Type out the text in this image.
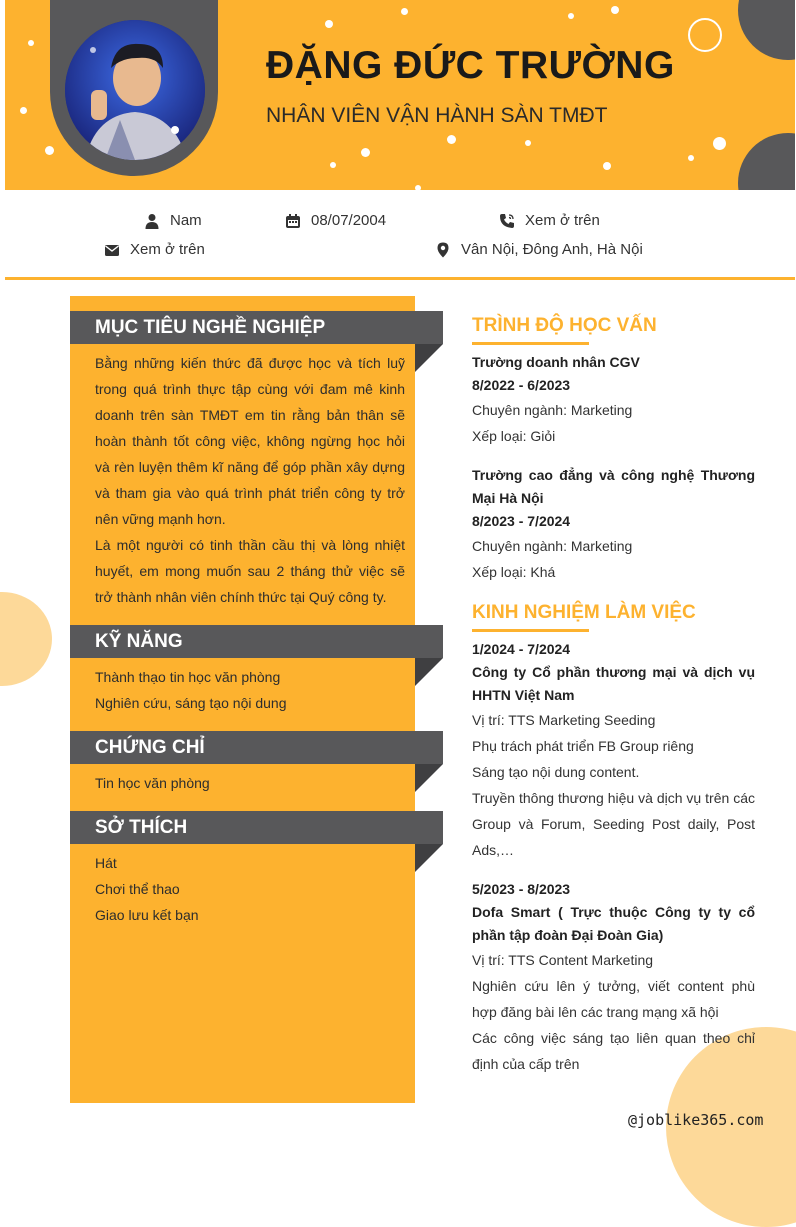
ĐẶNG ĐỨC TRƯỜNG
NHÂN VIÊN VẬN HÀNH SÀN TMĐT
Nam	08/07/2004	Xem ở trên
Xem ở trên	Vân Nội, Đông Anh, Hà Nội
MỤC TIÊU NGHỀ NGHIỆP
Bằng những kiến thức đã được học và tích luỹ trong quá trình thực tập cùng với đam mê kinh doanh trên sàn TMĐT em tin rằng bản thân sẽ hoàn thành tốt công việc, không ngừng học hỏi và rèn luyện thêm kĩ năng để góp phần xây dựng và tham gia vào quá trình phát triển công ty trở nên vững mạnh hơn.
Là một người có tinh thần cầu thị và lòng nhiệt huyết, em mong muốn sau 2 tháng thử việc sẽ trở thành nhân viên chính thức tại Quý công ty.
KỸ NĂNG
Thành thạo tin học văn phòng
Nghiên cứu, sáng tạo nội dung
CHỨNG CHỈ
Tin học văn phòng
SỞ THÍCH
Hát
Chơi thể thao
Giao lưu kết bạn
TRÌNH ĐỘ HỌC VẤN
Trường doanh nhân CGV
8/2022 - 6/2023
Chuyên ngành: Marketing
Xếp loại: Giỏi
Trường cao đẳng và công nghệ Thương Mại Hà Nội
8/2023 - 7/2024
Chuyên ngành: Marketing
Xếp loại: Khá
KINH NGHIỆM LÀM VIỆC
1/2024 - 7/2024
Công ty Cổ phần thương mại và dịch vụ HHTN Việt Nam
Vị trí: TTS Marketing Seeding
Phụ trách phát triển FB Group riêng
Sáng tạo nội dung content.
Truyền thông thương hiệu và dịch vụ trên các Group và Forum, Seeding Post daily, Post Ads,…
5/2023 - 8/2023
Dofa Smart ( Trực thuộc Công ty ty cổ phần tập đoàn Đại Đoàn Gia)
Vị trí: TTS Content Marketing
Nghiên cứu lên ý tưởng, viết content phù hợp đăng bài lên các trang mạng xã hội
Các công việc sáng tạo liên quan theo chỉ định của cấp trên
@joblike365.com
